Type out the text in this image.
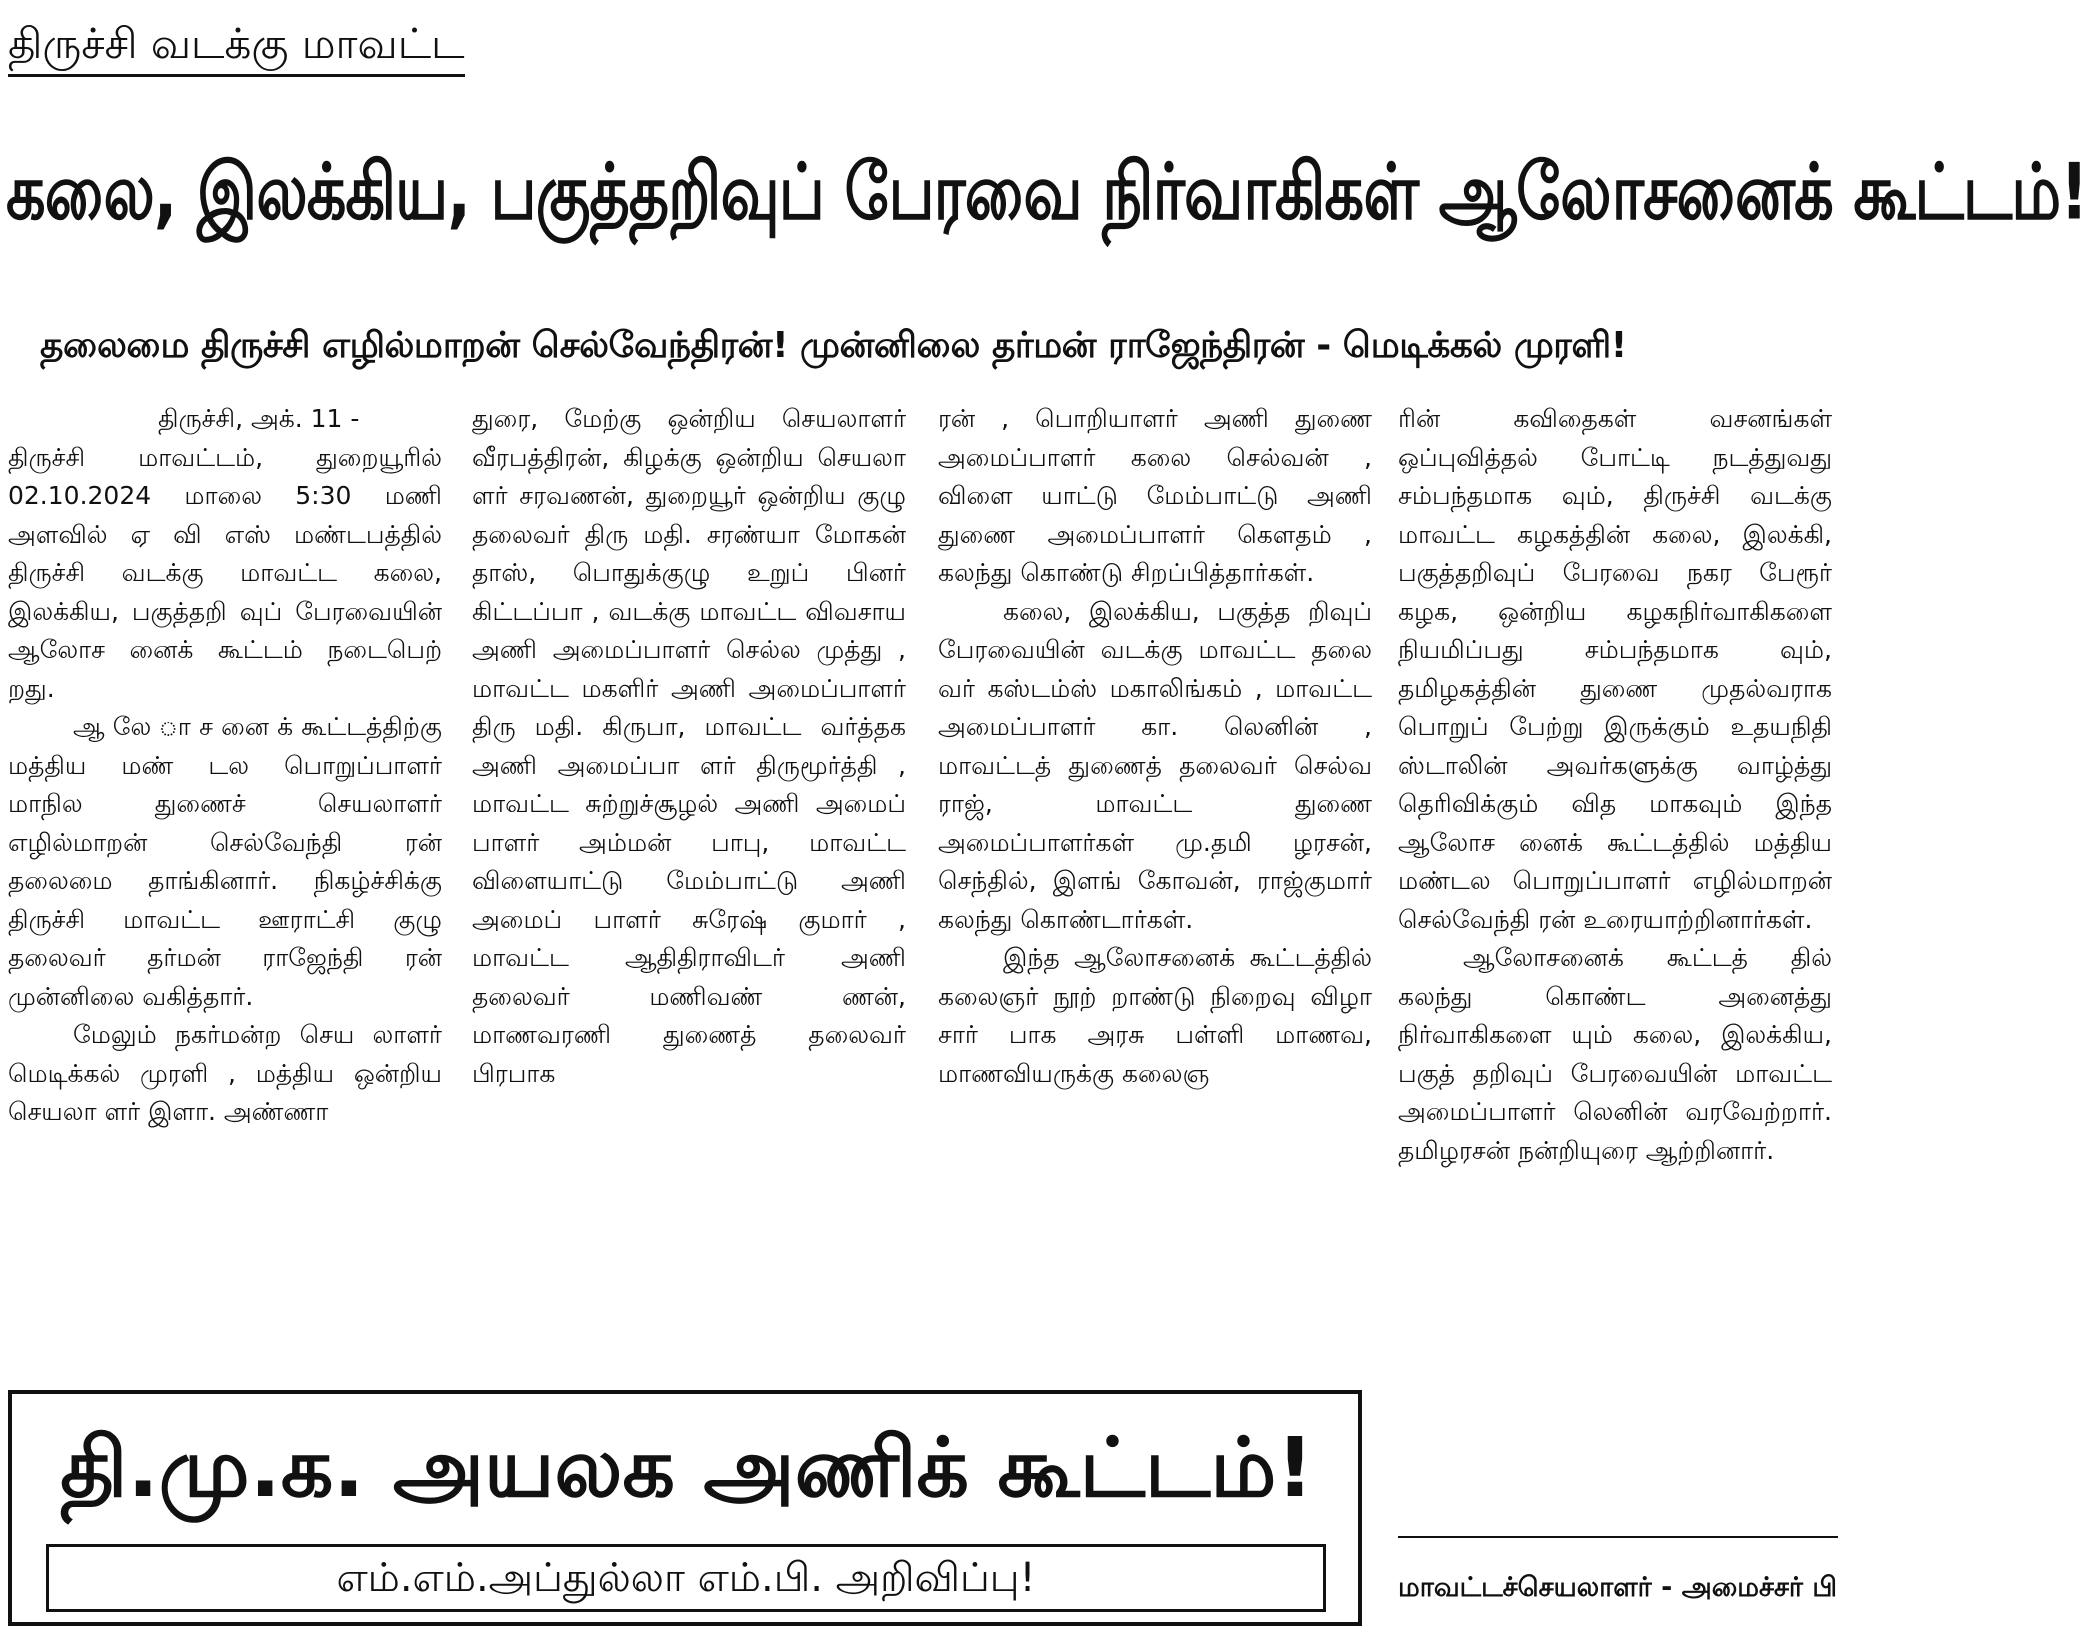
திருச்சி வடக்கு மாவட்ட
கலை, இலக்கிய, பகுத்தறிவுப் பேரவை நிர்வாகிகள் ஆலோசனைக் கூட்டம்!
தலைமை திருச்சி எழில்மாறன் செல்வேந்திரன்! முன்னிலை தர்மன் ராஜேந்திரன் - மெடிக்கல் முரளி!

திருச்சி, அக். 11 -

திருச்சி மாவட்டம், துறையூரில் 02.10.2024 மாலை 5:30 மணி அளவில் ஏ வி எஸ் மண்டபத்தில் திருச்சி வடக்கு மாவட்ட கலை, இலக்கிய, பகுத்தறி வுப் பேரவையின் ஆலோச னைக் கூட்டம் நடைபெற் றது.

ஆ லே ா ச னை க் கூட்டத்திற்கு மத்திய மண் டல பொறுப்பாளர் மாநில துணைச் செயலாளர் எழில்மாறன் செல்வேந்தி ரன் தலைமை தாங்கினார். நிகழ்ச்சிக்கு திருச்சி மாவட்ட ஊராட்சி குழு தலைவர் தர்மன் ராஜேந்தி ரன் முன்னிலை வகித்தார்.

மேலும் நகர்மன்ற செய லாளர் மெடிக்கல் முரளி , மத்திய ஒன்றிய செயலா ளர் இளா. அண்ணா

துரை, மேற்கு ஒன்றிய செயலாளர் வீரபத்திரன், கிழக்கு ஒன்றிய செயலா ளர் சரவணன், துறையூர் ஒன்றிய குழு தலைவர் திரு மதி. சரண்யா மோகன் தாஸ், பொதுக்குழு உறுப் பினர் கிட்டப்பா , வடக்கு மாவட்ட விவசாய அணி அமைப்பாளர் செல்ல முத்து , மாவட்ட மகளிர் அணி அமைப்பாளர் திரு மதி. கிருபா, மாவட்ட வர்த்தக அணி அமைப்பா ளர் திருமூர்த்தி , மாவட்ட சுற்றுச்சூழல் அணி அமைப் பாளர் அம்மன் பாபு, மாவட்ட விளையாட்டு மேம்பாட்டு அணி அமைப் பாளர் சுரேஷ் குமார் , மாவட்ட ஆதிதிராவிடர் அணி தலைவர் மணிவண் ணன், மாணவரணி துணைத் தலைவர் பிரபாக

ரன் , பொறியாளர் அணி துணை அமைப்பாளர் கலை செல்வன் , விளை யாட்டு மேம்பாட்டு அணி துணை அமைப்பாளர் கௌதம் , கலந்து கொண்டு சிறப்பித்தார்கள்.

கலை, இலக்கிய, பகுத்த றிவுப் பேரவையின் வடக்கு மாவட்ட தலை வர் கஸ்டம்ஸ் மகாலிங்கம் , மாவட்ட அமைப்பாளர் கா. லெனின் , மாவட்டத் துணைத் தலைவர் செல்வ ராஜ், மாவட்ட துணை அமைப்பாளர்கள் மு.தமி ழரசன், செந்தில், இளங் கோவன், ராஜ்குமார் கலந்து கொண்டார்கள்.

இந்த ஆலோசனைக் கூட்டத்தில் கலைஞர் நூற் றாண்டு நிறைவு விழா சார் பாக அரசு பள்ளி மாணவ, மாணவியருக்கு கலைஞ

ரின் கவிதைகள் வசனங்கள் ஒப்புவித்தல் போட்டி நடத்துவது சம்பந்தமாக வும், திருச்சி வடக்கு மாவட்ட கழகத்தின் கலை, இலக்கி, பகுத்தறிவுப் பேரவை நகர பேரூர் கழக, ஒன்றிய கழகநிர்வாகிகளை நியமிப்பது சம்பந்தமாக வும், தமிழகத்தின் துணை முதல்வராக பொறுப் பேற்று இருக்கும் உதயநிதி ஸ்டாலின் அவர்களுக்கு வாழ்த்து தெரிவிக்கும் வித மாகவும் இந்த ஆலோச னைக் கூட்டத்தில் மத்திய மண்டல பொறுப்பாளர் எழில்மாறன் செல்வேந்தி ரன் உரையாற்றினார்கள்.

ஆலோசனைக் கூட்டத் தில் கலந்து கொண்ட அனைத்து நிர்வாகிகளை யும் கலை, இலக்கிய, பகுத் தறிவுப் பேரவையின் மாவட்ட அமைப்பாளர் லெனின் வரவேற்றார். தமிழரசன் நன்றியுரை ஆற்றினார்.

தி.மு.க. அயலக அணிக் கூட்டம்!
எம்.எம்.அப்துல்லா எம்.பி. அறிவிப்பு!	மாவட்டச்செயலாளர் - அமைச்சர் பி
